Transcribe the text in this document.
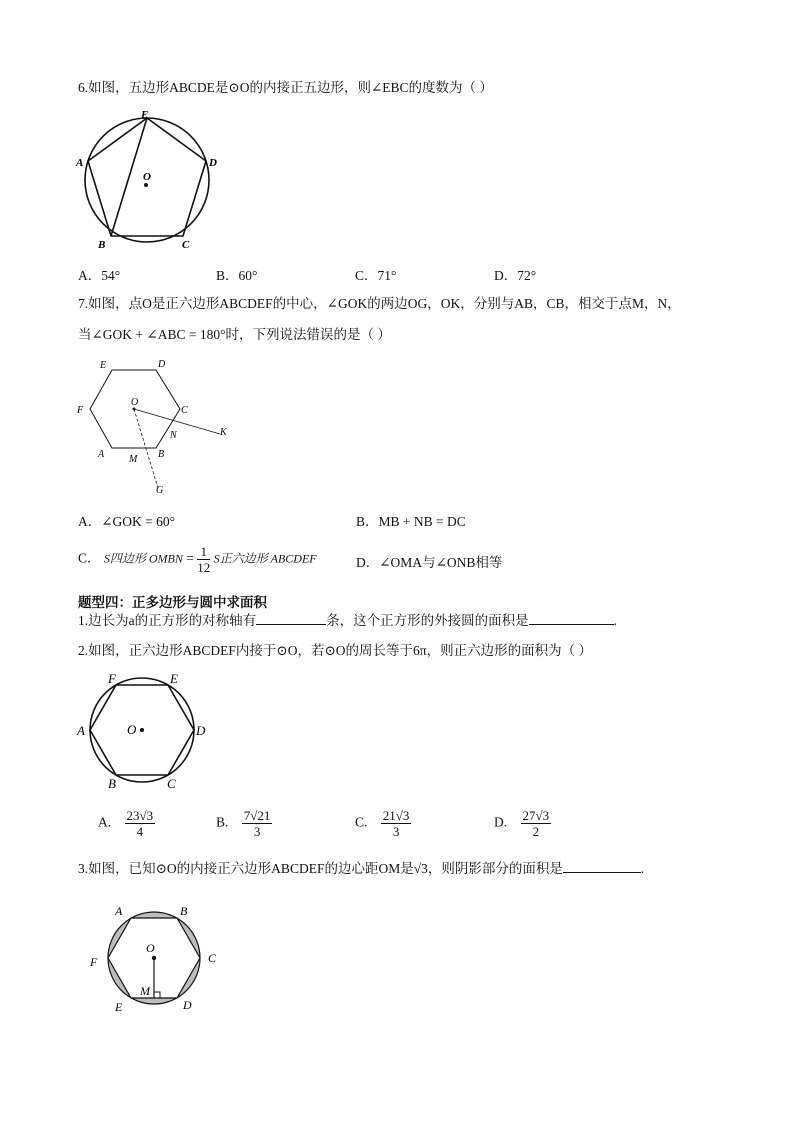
6.如图，五边形ABCDE是⊙O的内接正五边形，则∠EBC的度数为（ ）
E
A	D
O
B	C
A．54°	B．60°	C．71°	D．72°
7.如图，点O是正六边形ABCDEF的中心，∠GOK的两边OG，OK，分别与AB，CB，相交于点M，N，
当∠GOK + ∠ABC = 180°时，下列说法错误的是（ ）
E	D
F
O
C
N	K
A M B
G
A．∠GOK = 60°	B．MB + NB = DC
C． S四边形 OMBN = $\frac{1}{12}$ S正六边形 ABCDEF	D．∠OMA与∠ONB相等
题型四：正多边形与圆中求面积
1.边长为a的正方形的对称轴有	条，这个正方形的外接圆的面积是	.
2.如图，正六边形ABCDEF内接于⊙O，若⊙O的周长等于6π，则正六边形的面积为（ ）
F	E
A	O	D
B	C
A. $\frac{23√3}{4}$	B. $\frac{7√21}{3}$	C. $\frac{21√3}{3}$	D. $\frac{27√3}{2}$
3.如图，已知⊙O的内接正六边形ABCDEF的边心距OM是√3，则阴影部分的面积是	.
A	B
O
F	C
M
E	D
